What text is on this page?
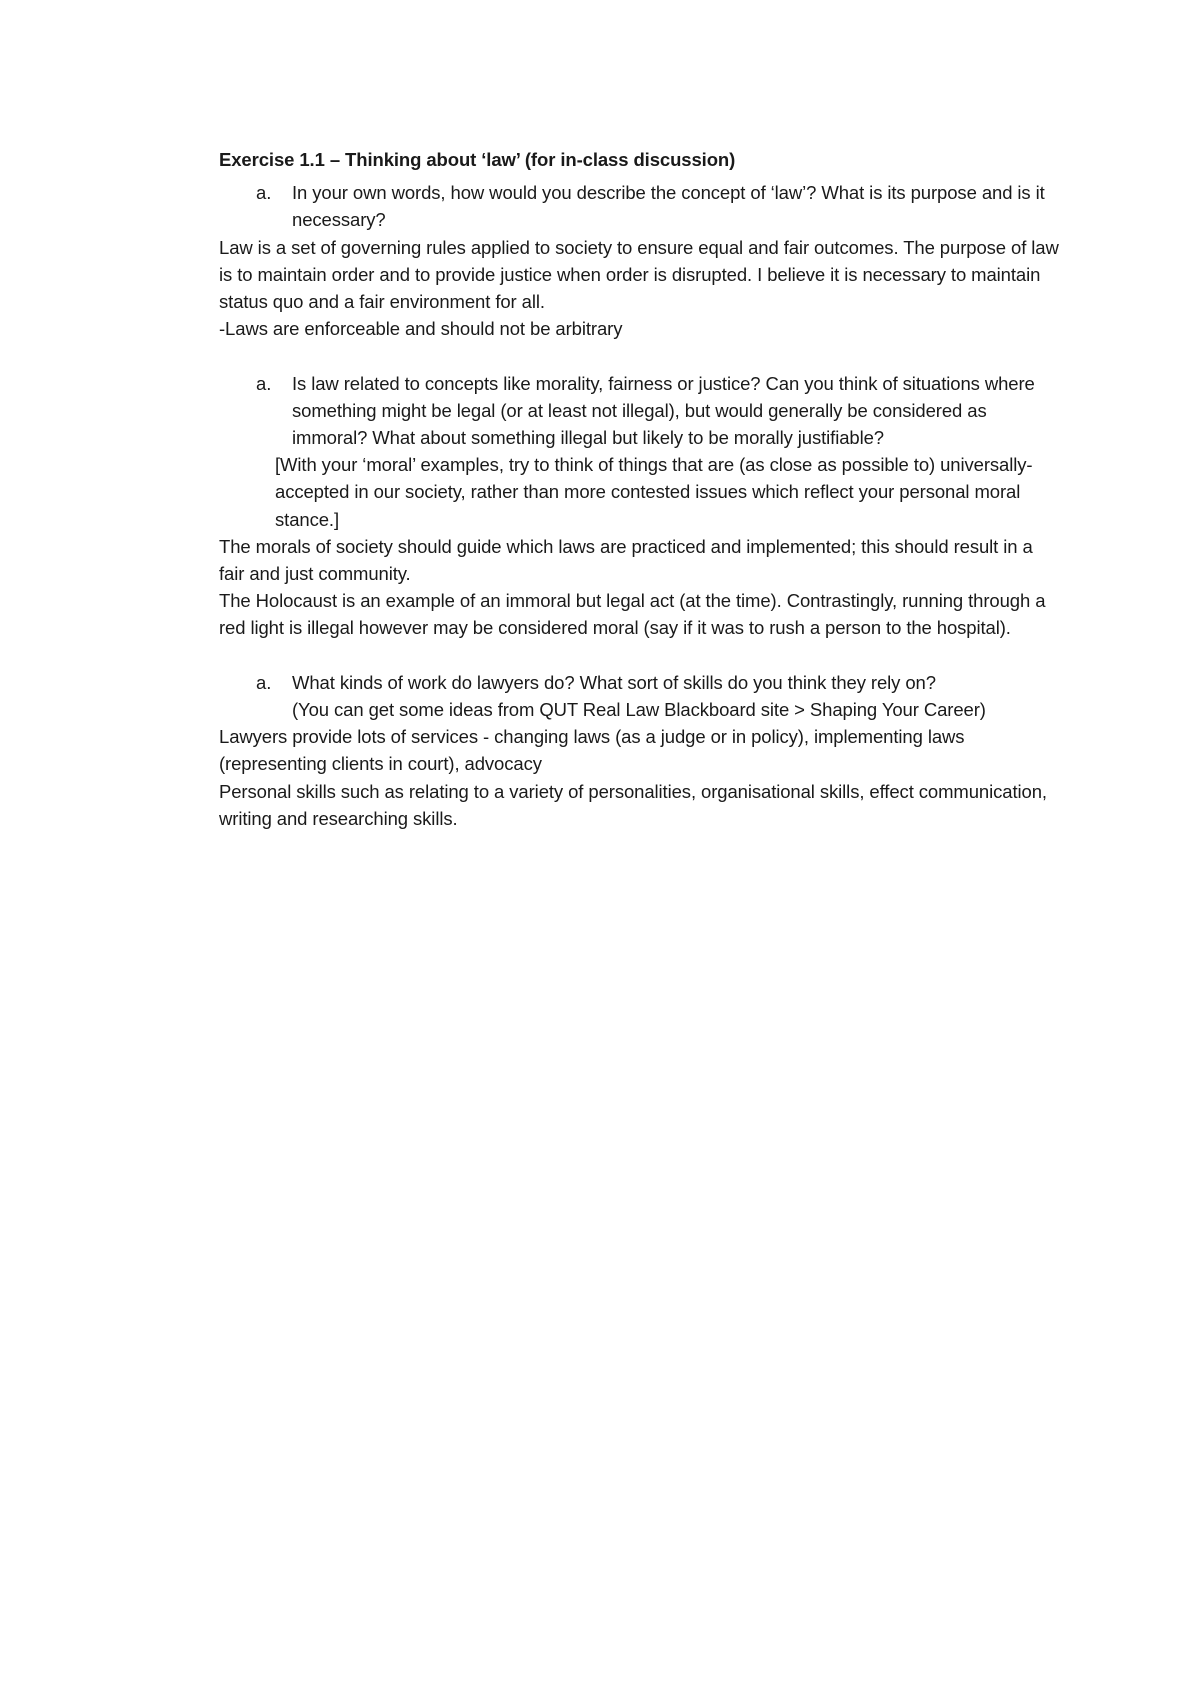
Exercise 1.1 – Thinking about ‘law’ (for in-class discussion)

a. In your own words, how would you describe the concept of ‘law’? What is its purpose and is it necessary?

Law is a set of governing rules applied to society to ensure equal and fair outcomes. The purpose of law is to maintain order and to provide justice when order is disrupted. I believe it is necessary to maintain status quo and a fair environment for all.

-Laws are enforceable and should not be arbitrary

a. Is law related to concepts like morality, fairness or justice? Can you think of situations where something might be legal (or at least not illegal), but would generally be considered as immoral? What about something illegal but likely to be morally justifiable?

[With your ‘moral’ examples, try to think of things that are (as close as possible to) universally-accepted in our society, rather than more contested issues which reflect your personal moral stance.]

The morals of society should guide which laws are practiced and implemented; this should result in a fair and just community.

The Holocaust is an example of an immoral but legal act (at the time). Contrastingly, running through a red light is illegal however may be considered moral (say if it was to rush a person to the hospital).

a. What kinds of work do lawyers do? What sort of skills do you think they rely on?

(You can get some ideas from QUT Real Law Blackboard site > Shaping Your Career)

Lawyers provide lots of services - changing laws (as a judge or in policy), implementing laws (representing clients in court), advocacy

Personal skills such as relating to a variety of personalities, organisational skills, effect communication, writing and researching skills.
